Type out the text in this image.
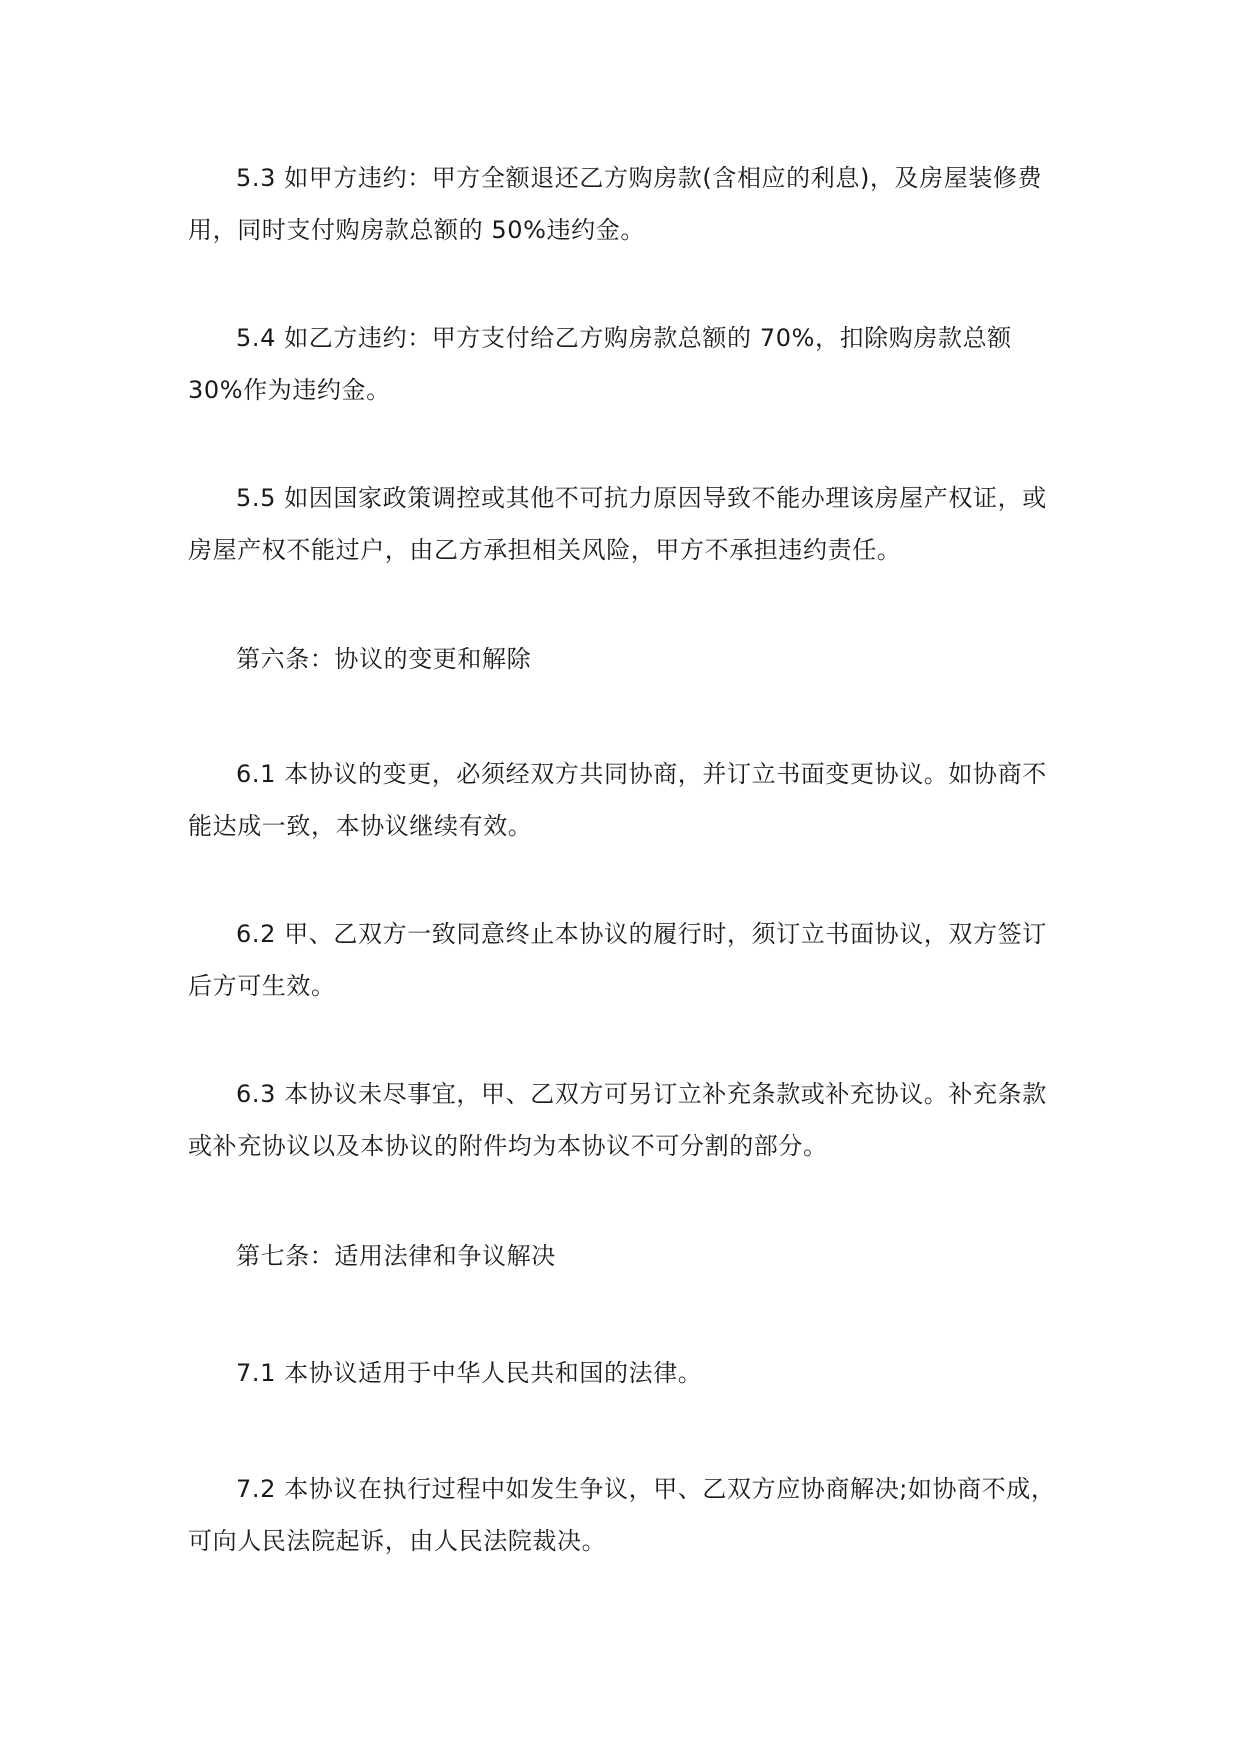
5.3 如甲方违约：甲方全额退还乙方购房款(含相应的利息)，及房屋装修费用，同时支付购房款总额的 50%违约金。

5.4 如乙方违约：甲方支付给乙方购房款总额的 70%，扣除购房款总额 30%作为违约金。

5.5 如因国家政策调控或其他不可抗力原因导致不能办理该房屋产权证，或房屋产权不能过户，由乙方承担相关风险，甲方不承担违约责任。

第六条：协议的变更和解除

6.1 本协议的变更，必须经双方共同协商，并订立书面变更协议。如协商不能达成一致，本协议继续有效。

6.2 甲、乙双方一致同意终止本协议的履行时，须订立书面协议，双方签订后方可生效。

6.3 本协议未尽事宜，甲、乙双方可另订立补充条款或补充协议。补充条款或补充协议以及本协议的附件均为本协议不可分割的部分。

第七条：适用法律和争议解决

7.1 本协议适用于中华人民共和国的法律。

7.2 本协议在执行过程中如发生争议，甲、乙双方应协商解决;如协商不成，可向人民法院起诉，由人民法院裁决。
